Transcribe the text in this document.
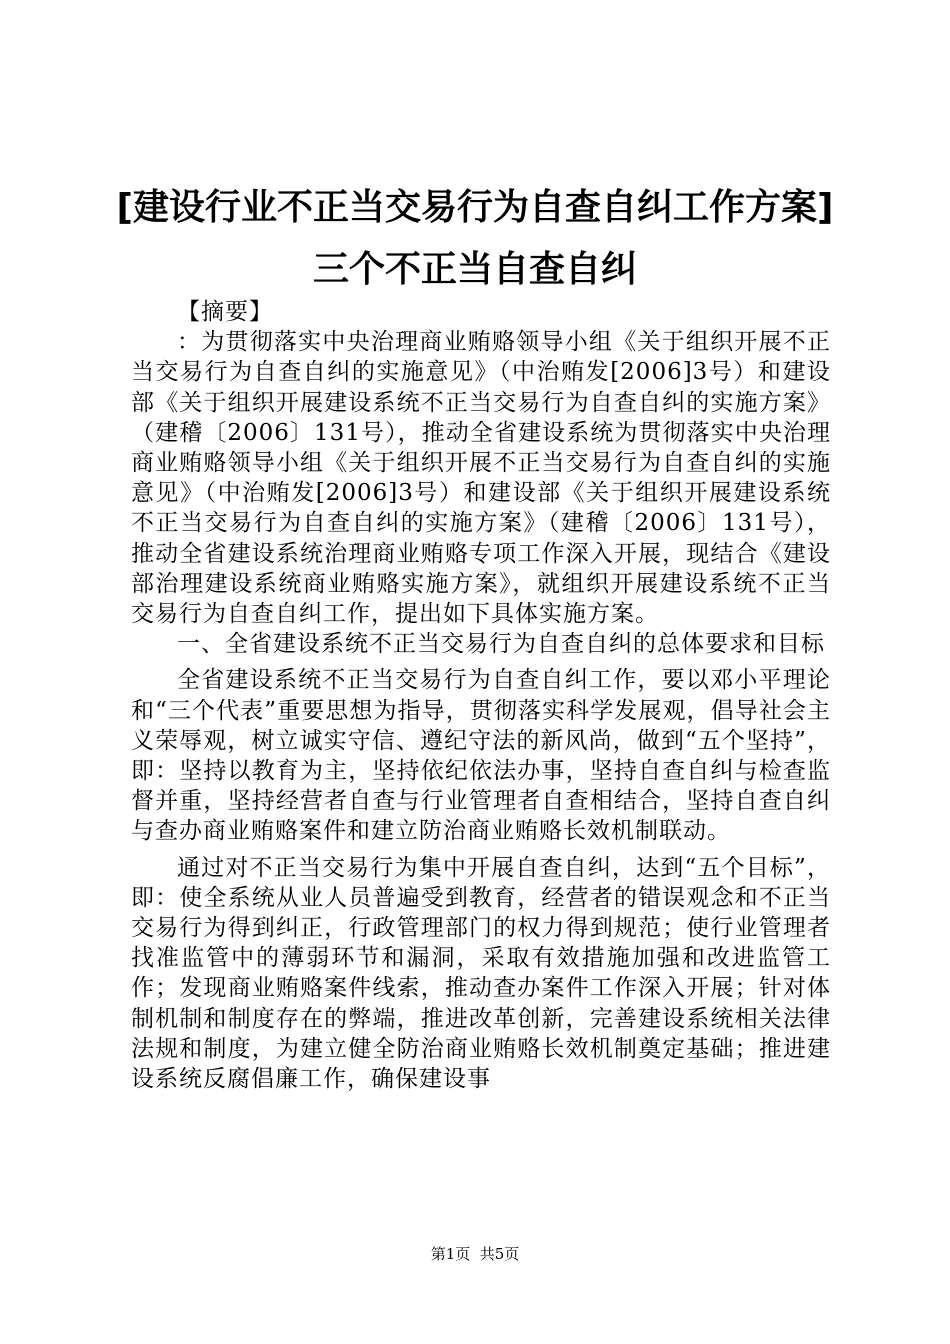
[建设行业不正当交易行为自查自纠工作方案]
三个不正当自查自纠

【摘要】

：为贯彻落实中央治理商业贿赂领导小组《关于组织开展不正当交易行为自查自纠的实施意见》（中治贿发[2006]3号）和建设部《关于组织开展建设系统不正当交易行为自查自纠的实施方案》（建稽〔2006〕131号），推动全省建设系统为贯彻落实中央治理商业贿赂领导小组《关于组织开展不正当交易行为自查自纠的实施意见》（中治贿发[2006]3号）和建设部《关于组织开展建设系统不正当交易行为自查自纠的实施方案》（建稽〔2006〕131号），推动全省建设系统治理商业贿赂专项工作深入开展，现结合《建设部治理建设系统商业贿赂实施方案》，就组织开展建设系统不正当交易行为自查自纠工作，提出如下具体实施方案。

一、全省建设系统不正当交易行为自查自纠的总体要求和目标

全省建设系统不正当交易行为自查自纠工作，要以邓小平理论和“三个代表”重要思想为指导，贯彻落实科学发展观，倡导社会主义荣辱观，树立诚实守信、遵纪守法的新风尚，做到“五个坚持”，即：坚持以教育为主，坚持依纪依法办事，坚持自查自纠与检查监督并重，坚持经营者自查与行业管理者自查相结合，坚持自查自纠与查办商业贿赂案件和建立防治商业贿赂长效机制联动。

通过对不正当交易行为集中开展自查自纠，达到“五个目标”，即：使全系统从业人员普遍受到教育，经营者的错误观念和不正当交易行为得到纠正，行政管理部门的权力得到规范；使行业管理者找准监管中的薄弱环节和漏洞，采取有效措施加强和改进监管工作；发现商业贿赂案件线索，推动查办案件工作深入开展；针对体制机制和制度存在的弊端，推进改革创新，完善建设系统相关法律法规和制度，为建立健全防治商业贿赂长效机制奠定基础；推进建设系统反腐倡廉工作，确保建设事

第1页  共5页
